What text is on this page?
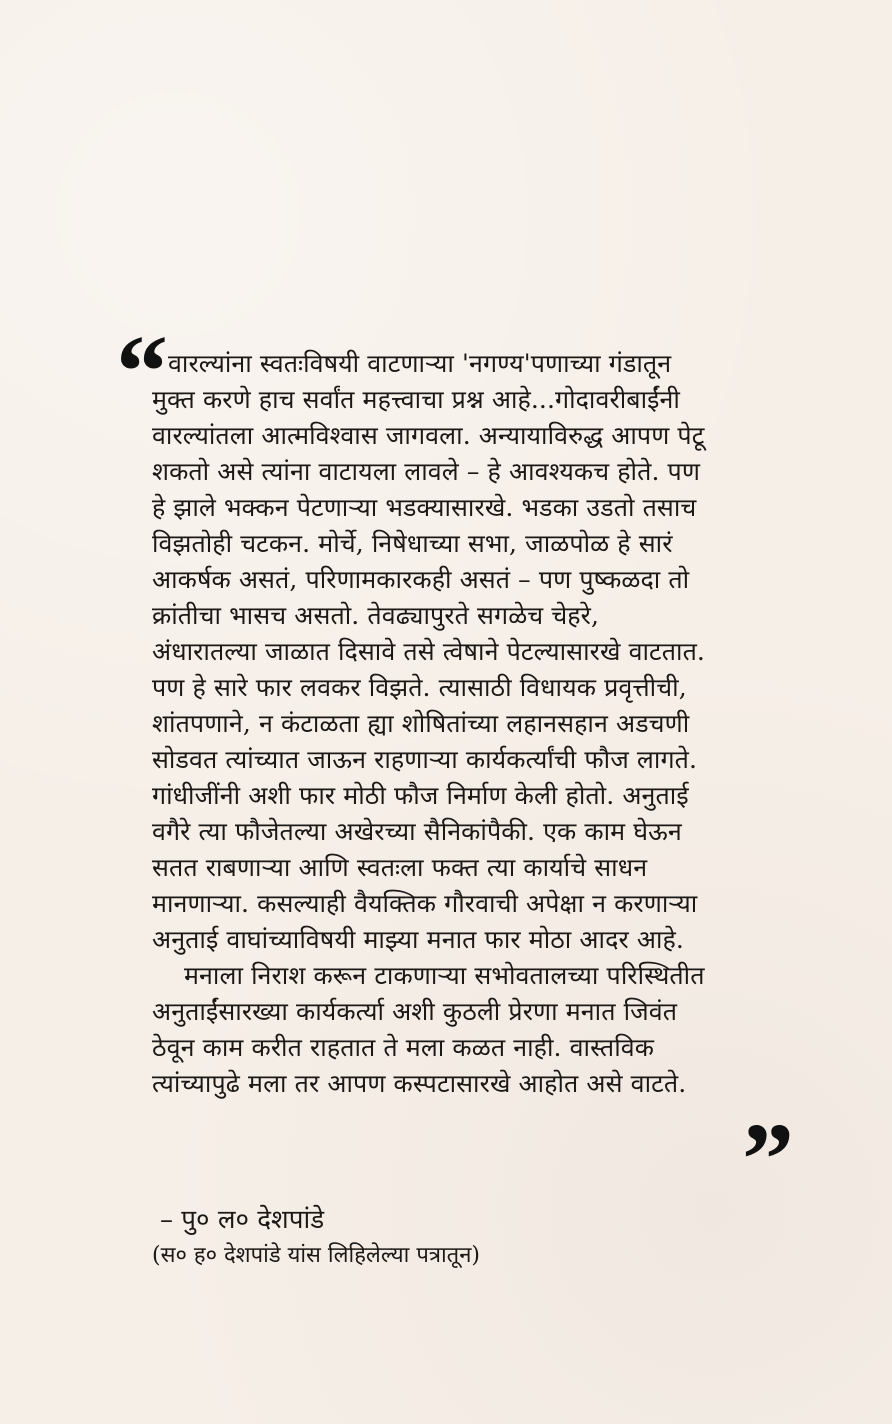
“ वारल्यांना स्वतःविषयी वाटणाऱ्या 'नगण्य'पणाच्या गंडातून
मुक्त करणे हाच सर्वांत महत्त्वाचा प्रश्न आहे...गोदावरीबाईंनी
वारल्यांतला आत्मविश्वास जागवला. अन्यायाविरुद्ध आपण पेटू
शकतो असे त्यांना वाटायला लावले – हे आवश्यकच होते. पण
हे झाले भक्कन पेटणाऱ्या भडक्यासारखे. भडका उडतो तसाच
विझतोही चटकन. मोर्चे, निषेधाच्या सभा, जाळपोळ हे सारं
आकर्षक असतं, परिणामकारकही असतं – पण पुष्कळदा तो
क्रांतीचा भासच असतो. तेवढ्यापुरते सगळेच चेहरे,
अंधारातल्या जाळात दिसावे तसे त्वेषाने पेटल्यासारखे वाटतात.
पण हे सारे फार लवकर विझते. त्यासाठी विधायक प्रवृत्तीची,
शांतपणाने, न कंटाळता ह्या शोषितांच्या लहानसहान अडचणी
सोडवत त्यांच्यात जाऊन राहणाऱ्या कार्यकर्त्यांची फौज लागते.
गांधीजींनी अशी फार मोठी फौज निर्माण केली होतो. अनुताई
वगैरे त्या फौजेतल्या अखेरच्या सैनिकांपैकी. एक काम घेऊन
सतत राबणाऱ्या आणि स्वतःला फक्त त्या कार्याचे साधन
मानणाऱ्या. कसल्याही वैयक्तिक गौरवाची अपेक्षा न करणाऱ्या
अनुताई वाघांच्याविषयी माझ्या मनात फार मोठा आदर आहे.
मनाला निराश करून टाकणाऱ्या सभोवतालच्या परिस्थितीत
अनुताईंसारख्या कार्यकर्त्या अशी कुठली प्रेरणा मनात जिवंत
ठेवून काम करीत राहतात ते मला कळत नाही. वास्तविक
त्यांच्यापुढे मला तर आपण कस्पटासारखे आहोत असे वाटते.
”
– पु० ल० देशपांडे
(स० ह० देशपांडे यांस लिहिलेल्या पत्रातून)
